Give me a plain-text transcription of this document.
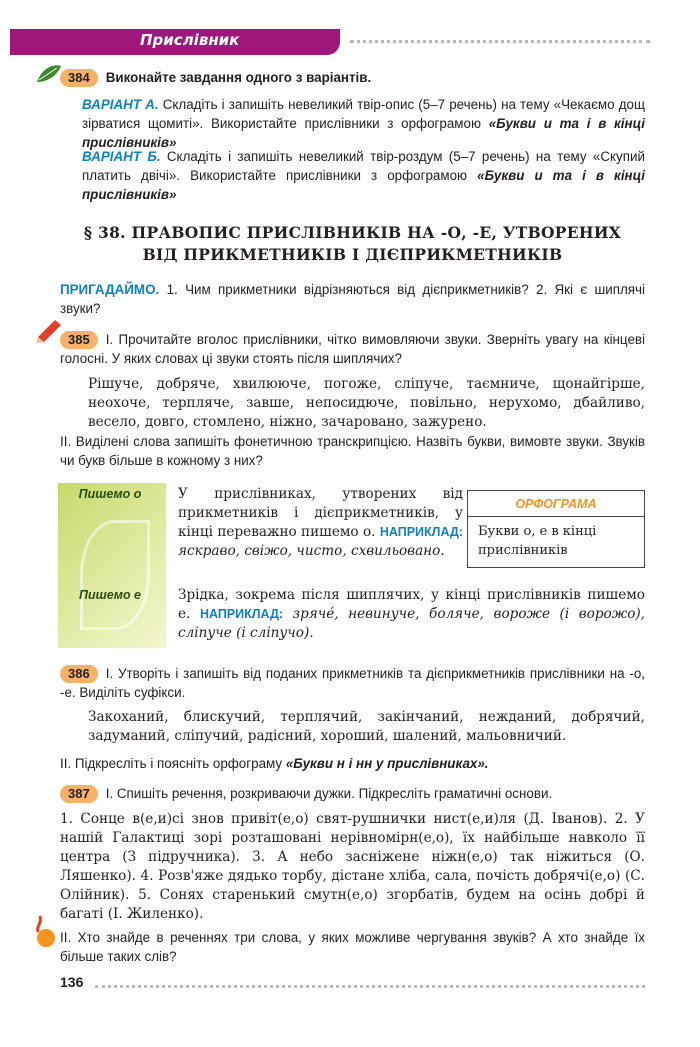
Прислівник
384 Виконайте завдання одного з варіантів.
ВАРІАНТ А. Складіть і запишіть невеликий твір-опис (5–7 речень) на тему «Чекаємо дощ зірватися щомиті». Використайте прислівники з орфограмою «Букви и та і в кінці прислівників»
ВАРІАНТ Б. Складіть і запишіть невеликий твір-роздум (5–7 речень) на тему «Скупий платить двічі». Використайте прислівники з орфограмою «Букви и та і в кінці прислівників»
§ 38. ПРАВОПИС ПРИСЛІВНИКІВ НА -О, -Е, УТВОРЕНИХ
ВІД ПРИКМЕТНИКІВ І ДІЄПРИКМЕТНИКІВ
ПРИГАДАЙМО. 1. Чим прикметники відрізняються від дієприкметників? 2. Які є шиплячі звуки?
385 І. Прочитайте вголос прислівники, чітко вимовляючи звуки. Зверніть увагу на кінцеві голосні. У яких словах ці звуки стоять після шиплячих?
Рішуче, добряче, хвилююче, погоже, сліпуче, таємниче, щонайгірше, неохоче, терпляче, завше, непосидюче, повільно, нерухомо, дбайливо, весело, довго, стомлено, ніжно, зачаровано, зажурено.
ІІ. Виділені слова запишіть фонетичною транскрипцією. Назвіть букви, вимовте звуки. Звуків чи букв більше в кожному з них?
Пишемо о
Пишемо е
У прислівниках, утворених від прикметників і дієприкметників, у кінці переважно пишемо о. НАПРИКЛАД: яскраво, свіжо, чисто, схвильовано.
ОРФОГРАМА
Букви о, е в кінці прислівників
Зрідка, зокрема після шиплячих, у кінці прислівників пишемо е. НАПРИКЛАД: зрячé, невинуче, боляче, вороже (і ворожо), сліпуче (і сліпучо).
386 І. Утворіть і запишіть від поданих прикметників та дієприкметників прислівники на -о, -е. Виділіть суфікси.
Закоханий, блискучий, терплячий, закінчаний, нежданий, добрячий, задуманий, сліпучий, радісний, хороший, шалений, мальовничий.
ІІ. Підкресліть і поясніть орфограму «Букви н і нн у прислівниках».
387 І. Спишіть речення, розкриваючи дужки. Підкресліть граматичні основи.
1. Сонце в(е,и)сі знов привіт(е,о) свят-рушнички нист(е,и)ля (Д. Іванов). 2. У нашій Галактиці зорі розташовані нерівномірн(е,о), їх найбільше навколо її центра (З підручника). 3. А небо засніжене ніжн(е,о) так ніжиться (О. Ляшенко). 4. Розв'яже дядько торбу, дістане хліба, сала, почість добрячі(е,о) (С. Олійник). 5. Сонях старенький смутн(е,о) згорбатів, будем на осінь добрі й багаті (І. Жиленко).
ІІ. Хто знайде в реченнях три слова, у яких можливе чергування звуків? А хто знайде їх більше таких слів?
136
